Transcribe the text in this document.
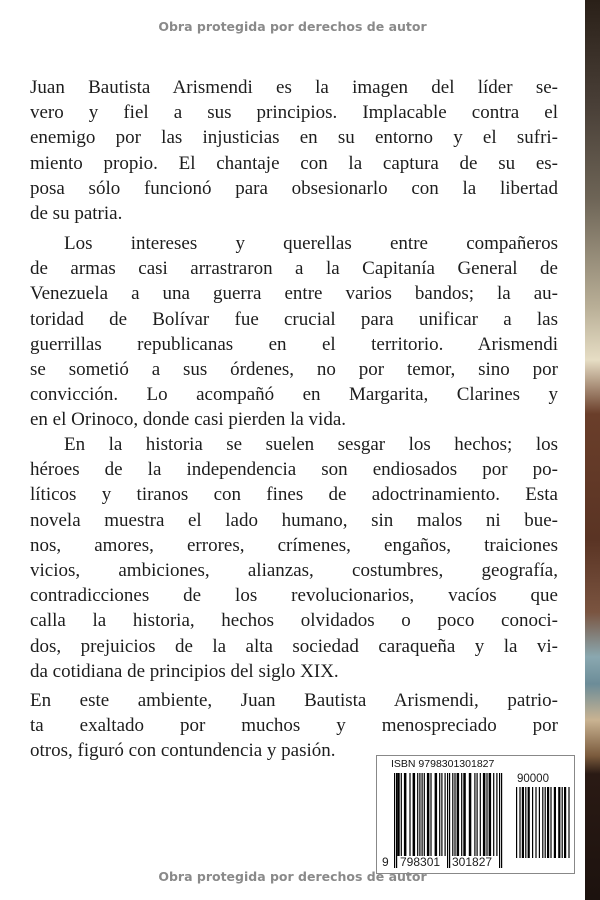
Obra protegida por derechos de autor
Juan Bautista Arismendi es la imagen del líder se-
vero y fiel a sus principios. Implacable contra el
enemigo por las injusticias en su entorno y el sufri-
miento propio. El chantaje con la captura de su es-
posa sólo funcionó para obsesionarlo con la libertad
de su patria.
Los intereses y querellas entre compañeros
de armas casi arrastraron a la Capitanía General de
Venezuela a una guerra entre varios bandos; la au-
toridad de Bolívar fue crucial para unificar a las
guerrillas republicanas en el territorio. Arismendi
se sometió a sus órdenes, no por temor, sino por
convicción. Lo acompañó en Margarita, Clarines y
en el Orinoco, donde casi pierden la vida.
En la historia se suelen sesgar los hechos; los
héroes de la independencia son endiosados por po-
líticos y tiranos con fines de adoctrinamiento. Esta
novela muestra el lado humano, sin malos ni bue-
nos, amores, errores, crímenes, engaños, traiciones
vicios, ambiciones, alianzas, costumbres, geografía,
contradicciones de los revolucionarios, vacíos que
calla la historia, hechos olvidados o poco conoci-
dos, prejuicios de la alta sociedad caraqueña y la vi-
da cotidiana de principios del siglo XIX.
En este ambiente, Juan Bautista Arismendi, patrio-
ta exaltado por muchos y menospreciado por
otros, figuró con contundencia y pasión.
ISBN 9798301301827
90000
9 798301 301827
Obra protegida por derechos de autor
